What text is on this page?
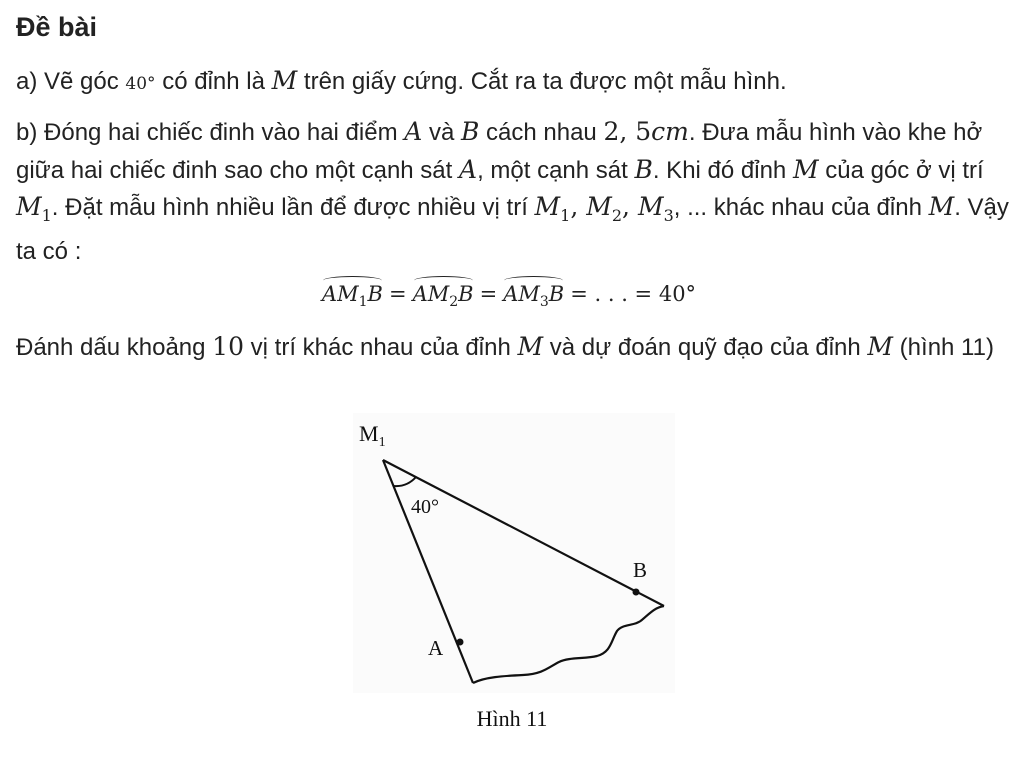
Đề bài

a) Vẽ góc 40° có đỉnh là M trên giấy cứng. Cắt ra ta được một mẫu hình.

b) Đóng hai chiếc đinh vào hai điểm A và B cách nhau 2, 5cm. Đưa mẫu hình vào khe hở giữa hai chiếc đinh sao cho một cạnh sát A, một cạnh sát B. Khi đó đỉnh M của góc ở vị trí $M_1$. Đặt mẫu hình nhiều lần để được nhiều vị trí $M_1$, $M_2$, $M_3$, ... khác nhau của đỉnh M. Vậy ta có :

$AM_1B = AM_2B = AM_3B$ = . . . = 40°

Đánh dấu khoảng 10 vị trí khác nhau của đỉnh M và dự đoán quỹ đạo của đỉnh M (hình 11)

$M_1$
40°
B
A
Hình 11
